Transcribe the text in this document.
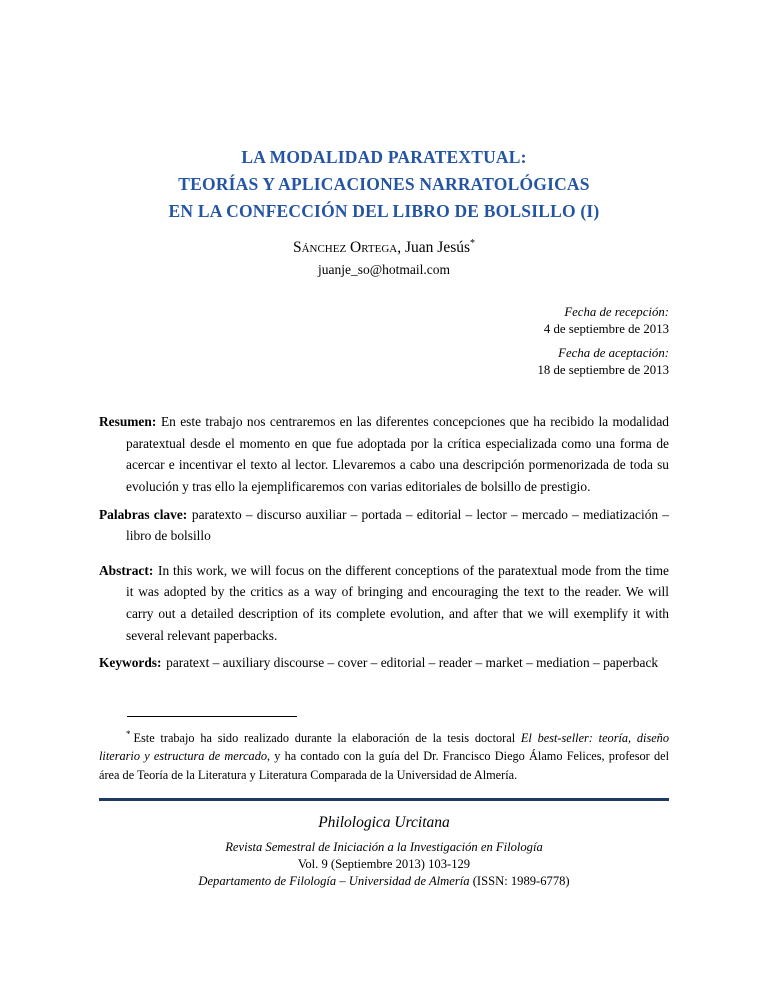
LA MODALIDAD PARATEXTUAL:
TEORÍAS Y APLICACIONES NARRATOLÓGICAS
EN LA CONFECCIÓN DEL LIBRO DE BOLSILLO (I)

Sánchez Ortega, Juan Jesús*

juanje_so@hotmail.com

Fecha de recepción:
4 de septiembre de 2013
Fecha de aceptación:
18 de septiembre de 2013

Resumen: En este trabajo nos centraremos en las diferentes concepciones que ha recibido la modalidad paratextual desde el momento en que fue adoptada por la crítica especializada como una forma de acercar e incentivar el texto al lector. Llevaremos a cabo una descripción pormenorizada de toda su evolución y tras ello la ejemplificaremos con varias editoriales de bolsillo de prestigio.

Palabras clave: paratexto – discurso auxiliar – portada – editorial – lector – mercado – mediatización – libro de bolsillo

Abstract: In this work, we will focus on the different conceptions of the paratextual mode from the time it was adopted by the critics as a way of bringing and encouraging the text to the reader. We will carry out a detailed description of its complete evolution, and after that we will exemplify it with several relevant paperbacks.

Keywords: paratext – auxiliary discourse – cover – editorial – reader – market – mediation – paperback

* Este trabajo ha sido realizado durante la elaboración de la tesis doctoral El best-seller: teoría, diseño literario y estructura de mercado, y ha contado con la guía del Dr. Francisco Diego Álamo Felices, profesor del área de Teoría de la Literatura y Literatura Comparada de la Universidad de Almería.

Philologica Urcitana

Revista Semestral de Iniciación a la Investigación en Filología

Vol. 9 (Septiembre 2013) 103-129

Departamento de Filología – Universidad de Almería (ISSN: 1989-6778)
